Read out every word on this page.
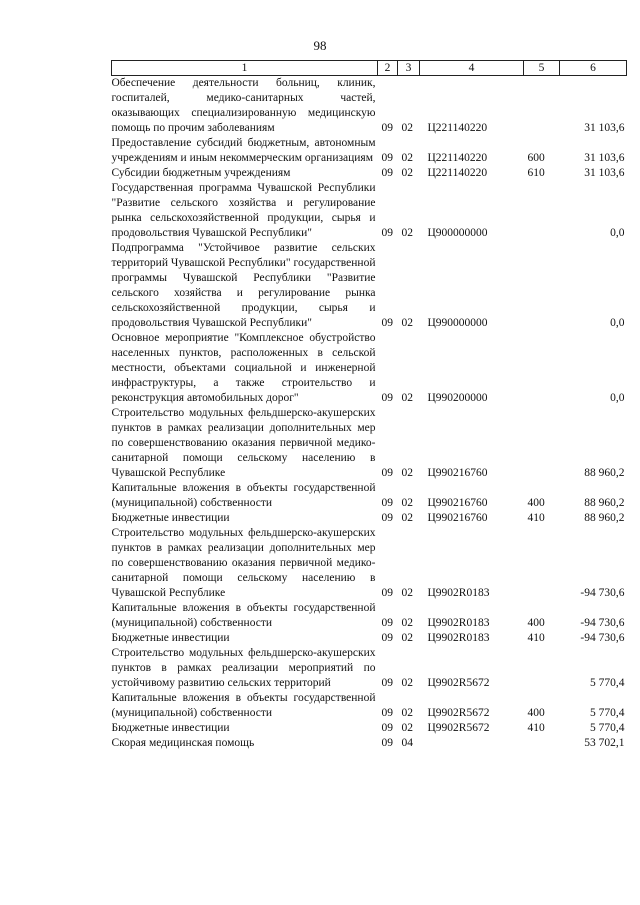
98
1	2	3	4	5	6
Обеспечение деятельности больниц, клиник, госпиталей, медико-санитарных частей, оказывающих специализированную медицинскую помощь по прочим заболеваниям	09	02	Ц221140220		31 103,6
Предоставление субсидий бюджетным, автономным учреждениям и иным некоммерческим организациям	09	02	Ц221140220	600	31 103,6
Субсидии бюджетным учреждениям	09	02	Ц221140220	610	31 103,6
Государственная программа Чувашской Республики "Развитие сельского хозяйства и регулирование рынка сельскохозяйственной продукции, сырья и продовольствия Чувашской Республики"	09	02	Ц900000000		0,0
Подпрограмма "Устойчивое развитие сельских территорий Чувашской Республики" государственной программы Чувашской Республики "Развитие сельского хозяйства и регулирование рынка сельскохозяйственной продукции, сырья и продовольствия Чувашской Республики"	09	02	Ц990000000		0,0
Основное мероприятие "Комплексное обустройство населенных пунктов, расположенных в сельской местности, объектами социальной и инженерной инфраструктуры, а также строительство и реконструкция автомобильных дорог"	09	02	Ц990200000		0,0
Строительство модульных фельдшерско-акушерских пунктов в рамках реализации дополнительных мер по совершенствованию оказания первичной медико-санитарной помощи сельскому населению в Чувашской Республике	09	02	Ц990216760		88 960,2
Капитальные вложения в объекты государственной (муниципальной) собственности	09	02	Ц990216760	400	88 960,2
Бюджетные инвестиции	09	02	Ц990216760	410	88 960,2
Строительство модульных фельдшерско-акушерских пунктов в рамках реализации дополнительных мер по совершенствованию оказания первичной медико-санитарной помощи сельскому населению в Чувашской Республике	09	02	Ц9902R0183		-94 730,6
Капитальные вложения в объекты государственной (муниципальной) собственности	09	02	Ц9902R0183	400	-94 730,6
Бюджетные инвестиции	09	02	Ц9902R0183	410	-94 730,6
Строительство модульных фельдшерско-акушерских пунктов в рамках реализации мероприятий по устойчивому развитию сельских территорий	09	02	Ц9902R5672		5 770,4
Капитальные вложения в объекты государственной (муниципальной) собственности	09	02	Ц9902R5672	400	5 770,4
Бюджетные инвестиции	09	02	Ц9902R5672	410	5 770,4
Скорая медицинская помощь	09	04			53 702,1
